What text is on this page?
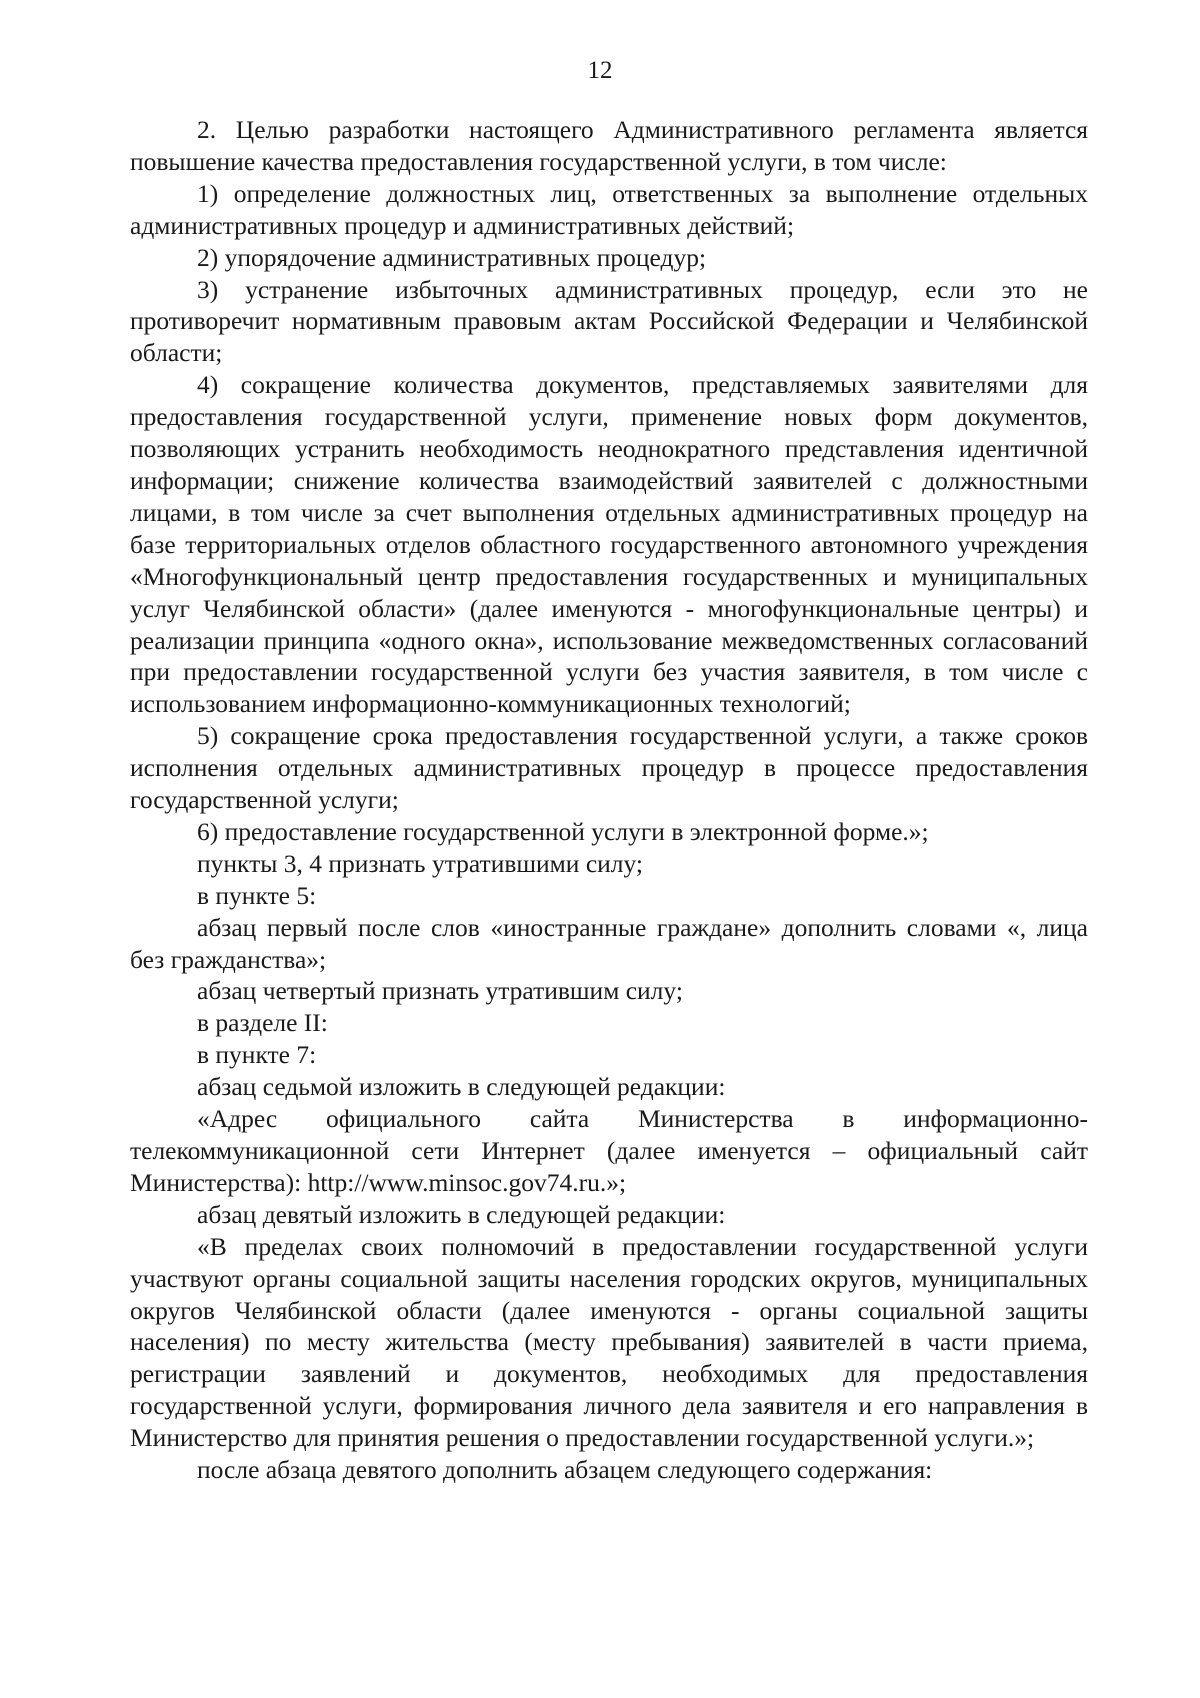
12

2. Целью разработки настоящего Административного регламента является повышение качества предоставления государственной услуги, в том числе:

1) определение должностных лиц, ответственных за выполнение отдельных административных процедур и административных действий;

2) упорядочение административных процедур;

3) устранение избыточных административных процедур, если это не противоречит нормативным правовым актам Российской Федерации и Челябинской области;

4) сокращение количества документов, представляемых заявителями для предоставления государственной услуги, применение новых форм документов, позволяющих устранить необходимость неоднократного представления идентичной информации; снижение количества взаимодействий заявителей с должностными лицами, в том числе за счет выполнения отдельных административных процедур на базе территориальных отделов областного государственного автономного учреждения «Многофункциональный центр предоставления государственных и муниципальных услуг Челябинской области» (далее именуются - многофункциональные центры) и реализации принципа «одного окна», использование межведомственных согласований при предоставлении государственной услуги без участия заявителя, в том числе с использованием информационно-коммуникационных технологий;

5) сокращение срока предоставления государственной услуги, а также сроков исполнения отдельных административных процедур в процессе предоставления государственной услуги;

6) предоставление государственной услуги в электронной форме.»;

пункты 3, 4 признать утратившими силу;

в пункте 5:

абзац первый после слов «иностранные граждане» дополнить словами «, лица без гражданства»;

абзац четвертый признать утратившим силу;

в разделе II:

в пункте 7:

абзац седьмой изложить в следующей редакции:

«Адрес официального сайта Министерства в информационно-телекоммуникационной сети Интернет (далее именуется – официальный сайт Министерства): http://www.minsoc.gov74.ru.»;

абзац девятый изложить в следующей редакции:

«В пределах своих полномочий в предоставлении государственной услуги участвуют органы социальной защиты населения городских округов, муниципальных округов Челябинской области (далее именуются - органы социальной защиты населения) по месту жительства (месту пребывания) заявителей в части приема, регистрации заявлений и документов, необходимых для предоставления государственной услуги, формирования личного дела заявителя и его направления в Министерство для принятия решения о предоставлении государственной услуги.»;

после абзаца девятого дополнить абзацем следующего содержания:
